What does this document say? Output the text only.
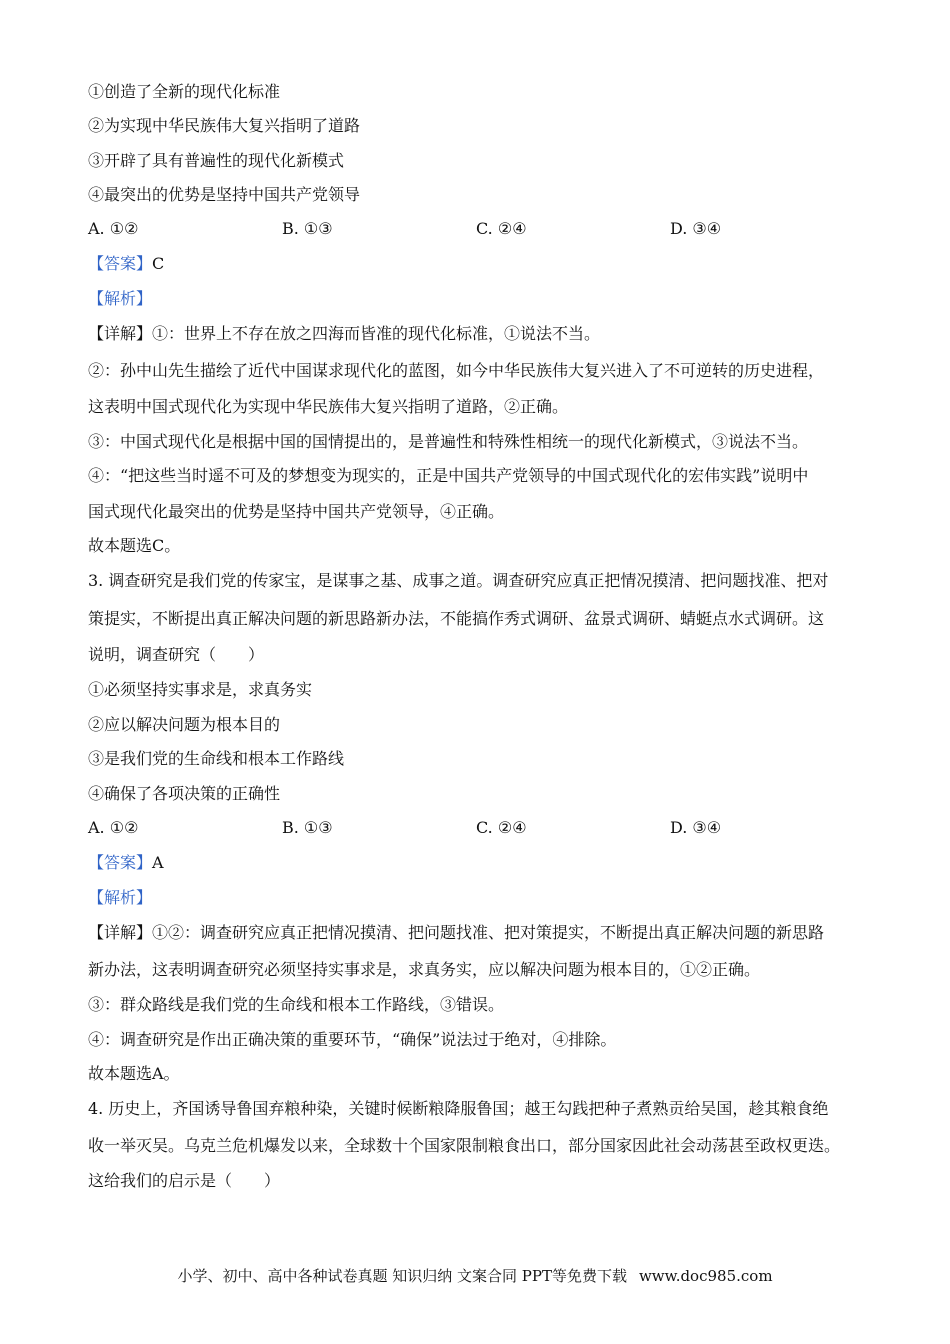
①创造了全新的现代化标准
②为实现中华民族伟大复兴指明了道路
③开辟了具有普遍性的现代化新模式
④最突出的优势是坚持中国共产党领导
A. ①②	B. ①③	C. ②④	D. ③④
【答案】C
【解析】
【详解】①：世界上不存在放之四海而皆准的现代化标准，①说法不当。
②：孙中山先生描绘了近代中国谋求现代化的蓝图，如今中华民族伟大复兴进入了不可逆转的历史进程，
这表明中国式现代化为实现中华民族伟大复兴指明了道路，②正确。
③：中国式现代化是根据中国的国情提出的，是普遍性和特殊性相统一的现代化新模式，③说法不当。
④：“把这些当时遥不可及的梦想变为现实的，正是中国共产党领导的中国式现代化的宏伟实践”说明中
国式现代化最突出的优势是坚持中国共产党领导，④正确。
故本题选C。
3. 调查研究是我们党的传家宝，是谋事之基、成事之道。调查研究应真正把情况摸清、把问题找准、把对
策提实，不断提出真正解决问题的新思路新办法，不能搞作秀式调研、盆景式调研、蜻蜓点水式调研。这
说明，调查研究（　　）
①必须坚持实事求是，求真务实
②应以解决问题为根本目的
③是我们党的生命线和根本工作路线
④确保了各项决策的正确性
A. ①②	B. ①③	C. ②④	D. ③④
【答案】A
【解析】
【详解】①②：调查研究应真正把情况摸清、把问题找准、把对策提实，不断提出真正解决问题的新思路
新办法，这表明调查研究必须坚持实事求是，求真务实，应以解决问题为根本目的，①②正确。
③：群众路线是我们党的生命线和根本工作路线，③错误。
④：调查研究是作出正确决策的重要环节，“确保”说法过于绝对，④排除。
故本题选A。
4. 历史上，齐国诱导鲁国弃粮种染，关键时候断粮降服鲁国；越王勾践把种子煮熟贡给吴国，趁其粮食绝
收一举灭吴。乌克兰危机爆发以来，全球数十个国家限制粮食出口，部分国家因此社会动荡甚至政权更迭。
这给我们的启示是（　　）
小学、初中、高中各种试卷真题 知识归纳 文案合同 PPT等免费下载 www.doc985.com
